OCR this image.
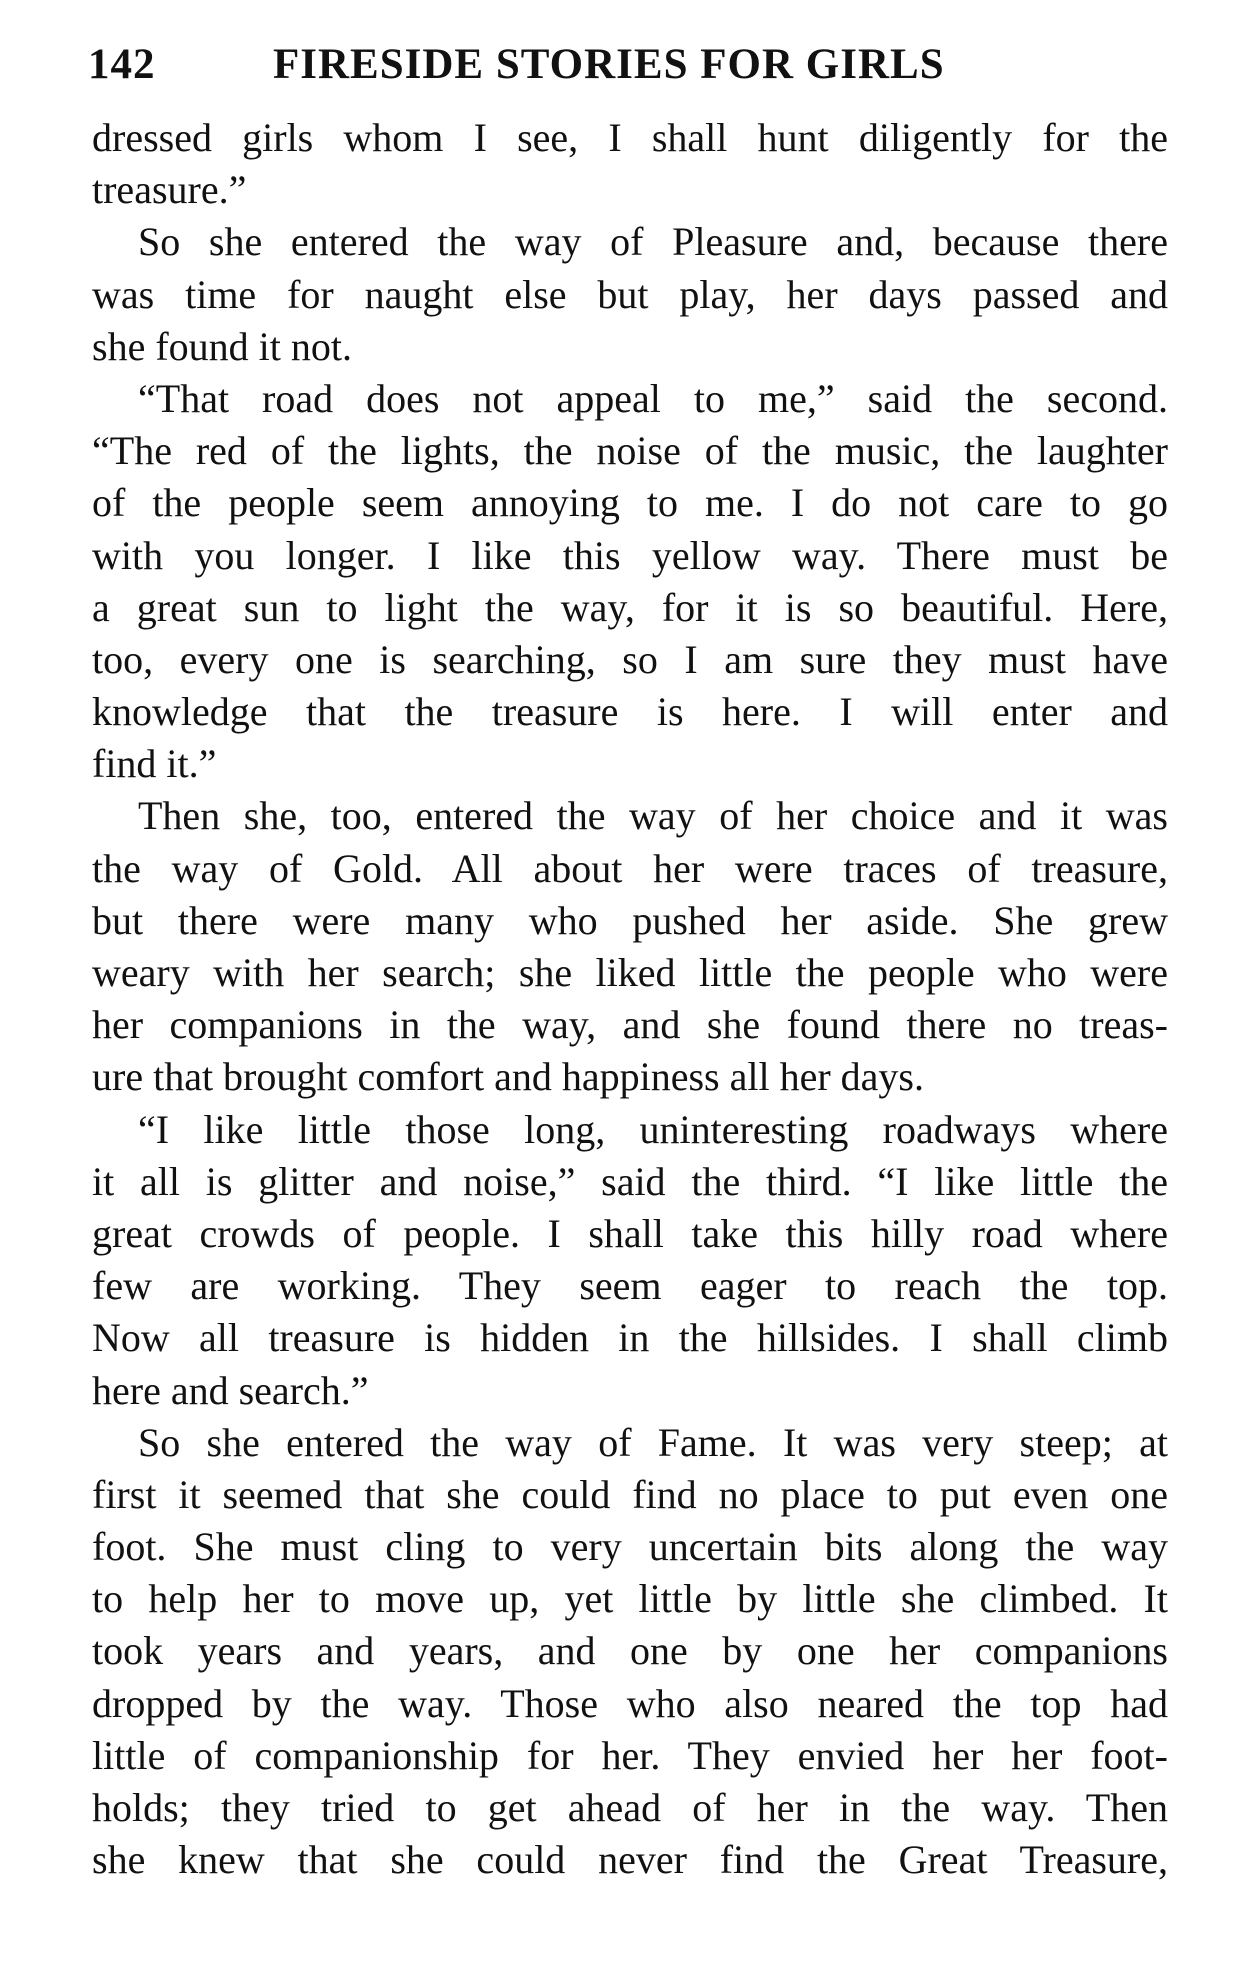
142	FIRESIDE STORIES FOR GIRLS
dressed girls whom I see, I shall hunt diligently for the
treasure.”
So she entered the way of Pleasure and, because there
was time for naught else but play, her days passed and
she found it not.
“That road does not appeal to me,” said the second.
“The red of the lights, the noise of the music, the laughter
of the people seem annoying to me. I do not care to go
with you longer. I like this yellow way. There must be
a great sun to light the way, for it is so beautiful. Here,
too, every one is searching, so I am sure they must have
knowledge that the treasure is here. I will enter and
find it.”
Then she, too, entered the way of her choice and it was
the way of Gold. All about her were traces of treasure,
but there were many who pushed her aside. She grew
weary with her search; she liked little the people who were
her companions in the way, and she found there no treas-
ure that brought comfort and happiness all her days.
“I like little those long, uninteresting roadways where
it all is glitter and noise,” said the third. “I like little the
great crowds of people. I shall take this hilly road where
few are working. They seem eager to reach the top.
Now all treasure is hidden in the hillsides. I shall climb
here and search.”
So she entered the way of Fame. It was very steep; at
first it seemed that she could find no place to put even one
foot. She must cling to very uncertain bits along the way
to help her to move up, yet little by little she climbed. It
took years and years, and one by one her companions
dropped by the way. Those who also neared the top had
little of companionship for her. They envied her her foot-
holds; they tried to get ahead of her in the way. Then
she knew that she could never find the Great Treasure,
